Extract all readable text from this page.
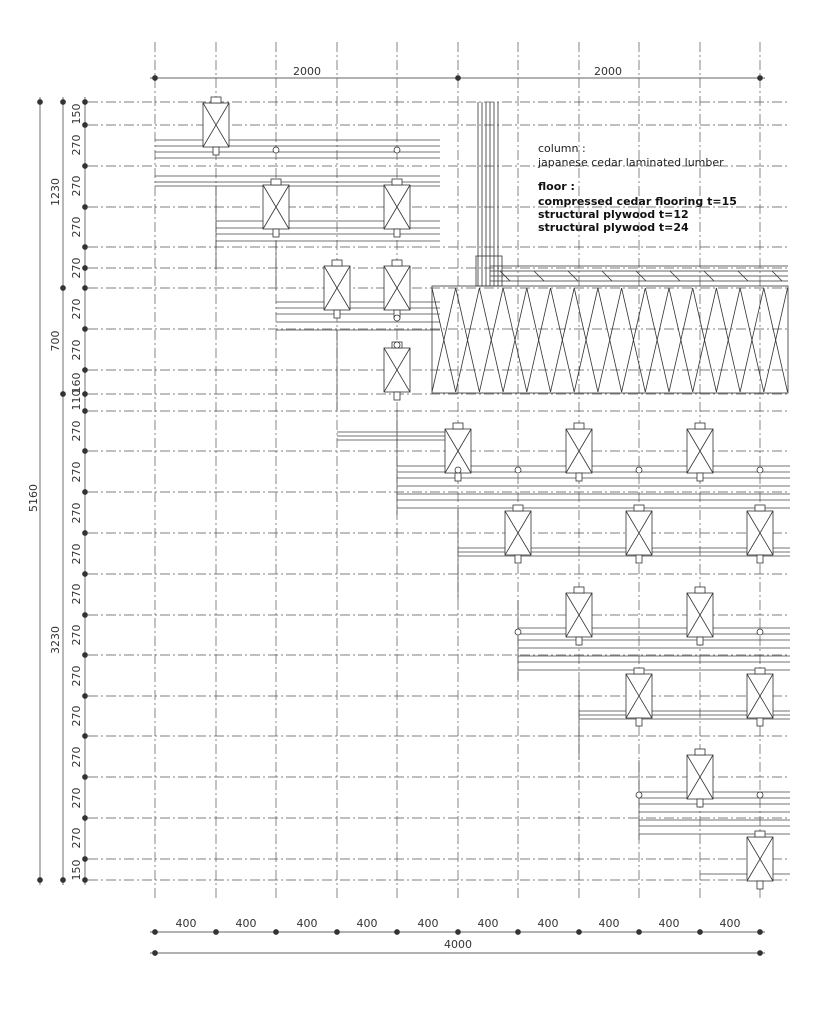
2000	2000
400	400	400	400	400	400	400	400	400	400
4000
5160
1230
700
3230
150
270
270
270
270
270
270
160
110
270
270
270
270
270
270
270
270
270
270
270
150
column :
japanese cedar laminated lumber
floor :
compressed cedar flooring t=15
structural plywood t=12
structural plywood t=24
